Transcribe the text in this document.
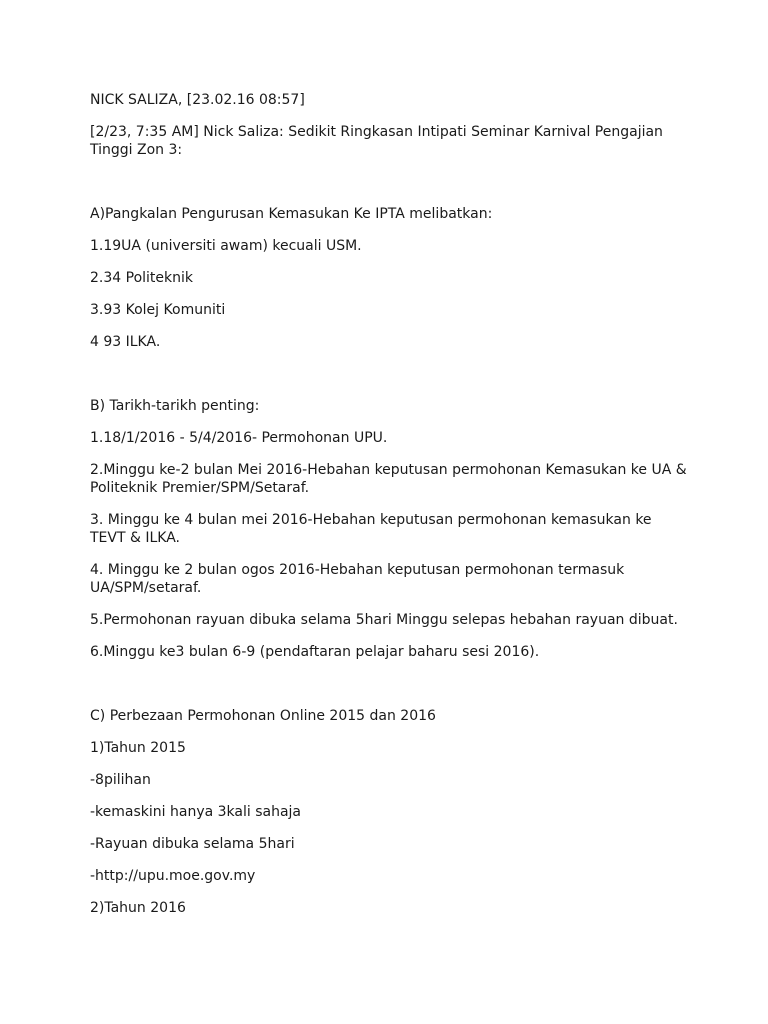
NICK SALIZA, [23.02.16 08:57]

[2/23, 7:35 AM] Nick Saliza: Sedikit Ringkasan Intipati Seminar Karnival Pengajian Tinggi Zon 3:

A)Pangkalan Pengurusan Kemasukan Ke IPTA melibatkan:

1.19UA (universiti awam) kecuali USM.

2.34 Politeknik

3.93 Kolej Komuniti

4 93 ILKA.

B) Tarikh-tarikh penting:

1.18/1/2016 - 5/4/2016- Permohonan UPU.

2.Minggu ke-2 bulan Mei 2016-Hebahan keputusan permohonan Kemasukan ke UA & Politeknik Premier/SPM/Setaraf.

3. Minggu ke 4 bulan mei 2016-Hebahan keputusan permohonan kemasukan ke TEVT & ILKA.

4. Minggu ke 2 bulan ogos 2016-Hebahan keputusan permohonan termasuk UA/SPM/setaraf.

5.Permohonan rayuan dibuka selama 5hari Minggu selepas hebahan rayuan dibuat.

6.Minggu ke3 bulan 6-9 (pendaftaran pelajar baharu sesi 2016).

C) Perbezaan Permohonan Online 2015 dan 2016

1)Tahun 2015

-8pilihan

-kemaskini hanya 3kali sahaja

-Rayuan dibuka selama 5hari

-http://upu.moe.gov.my

2)Tahun 2016
